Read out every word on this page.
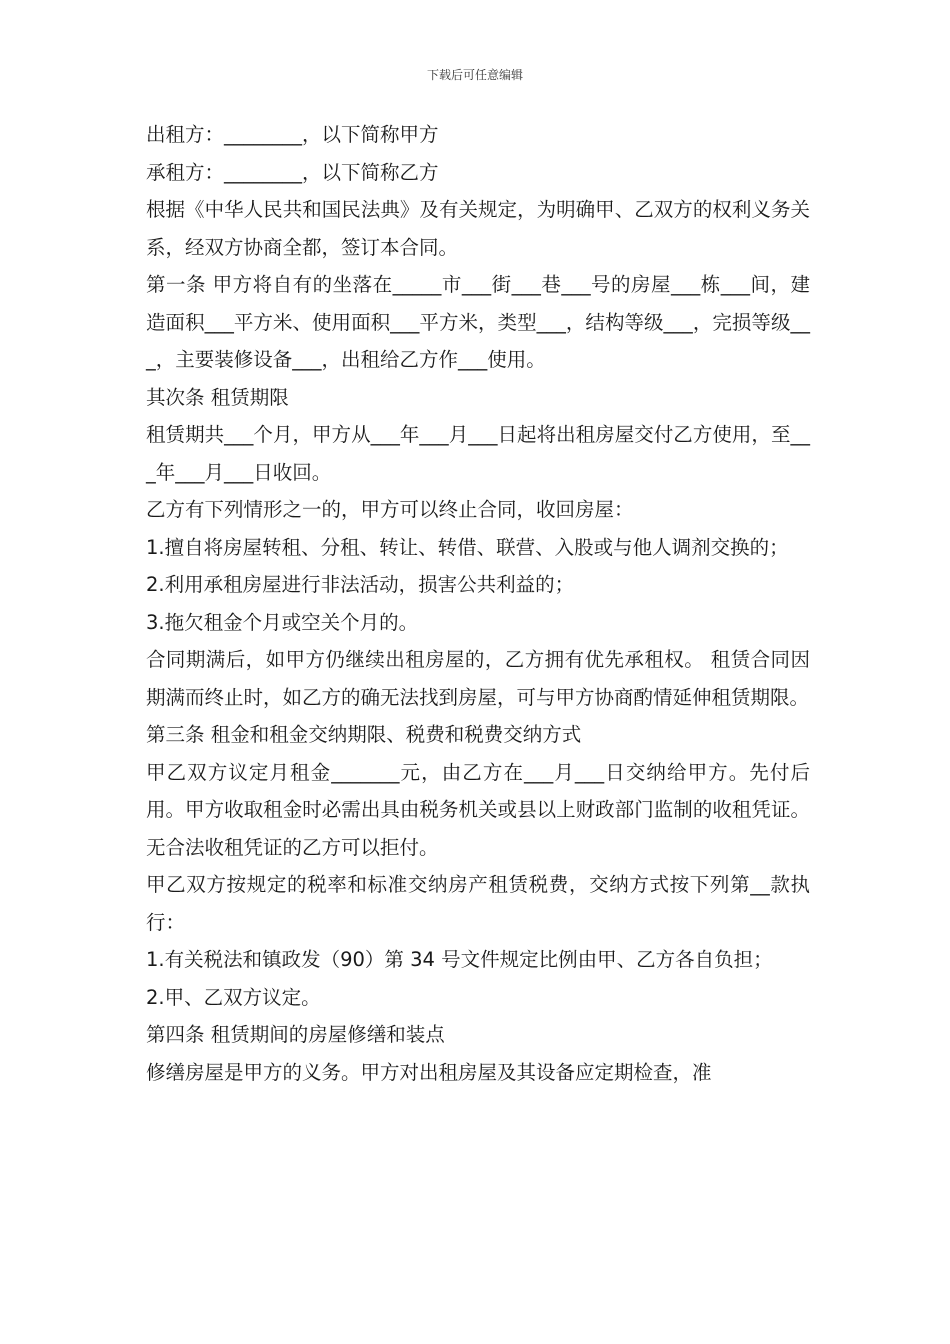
下载后可任意编辑

出租方：________，以下简称甲方

承租方：________，以下简称乙方

根据《中华人民共和国民法典》及有关规定，为明确甲、乙双方的权利义务关系，经双方协商全都，签订本合同。

第一条 甲方将自有的坐落在_____市___街___巷___号的房屋___栋___间，建造面积___平方米、使用面积___平方米，类型___，结构等级___，完损等级___，主要装修设备___，出租给乙方作___使用。

其次条 租赁期限

租赁期共___个月，甲方从___年___月___日起将出租房屋交付乙方使用，至___年___月___日收回。

乙方有下列情形之一的，甲方可以终止合同，收回房屋：

1.擅自将房屋转租、分租、转让、转借、联营、入股或与他人调剂交换的；

2.利用承租房屋进行非法活动，损害公共利益的；

3.拖欠租金个月或空关个月的。

合同期满后，如甲方仍继续出租房屋的，乙方拥有优先承租权。 租赁合同因期满而终止时，如乙方的确无法找到房屋，可与甲方协商酌情延伸租赁期限。

第三条 租金和租金交纳期限、税费和税费交纳方式

甲乙双方议定月租金_______元，由乙方在___月___日交纳给甲方。先付后用。甲方收取租金时必需出具由税务机关或县以上财政部门监制的收租凭证。无合法收租凭证的乙方可以拒付。

甲乙双方按规定的税率和标准交纳房产租赁税费，交纳方式按下列第__款执行：

1.有关税法和镇政发（90）第 34 号文件规定比例由甲、乙方各自负担；

2.甲、乙双方议定。

第四条 租赁期间的房屋修缮和装点

修缮房屋是甲方的义务。甲方对出租房屋及其设备应定期检查，准
